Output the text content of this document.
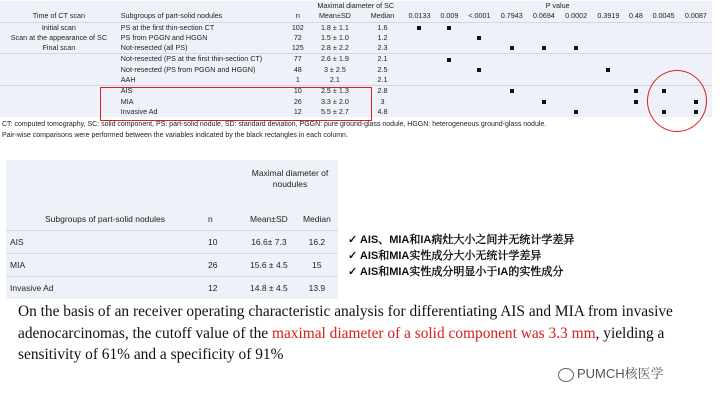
			Maximal diameter of SC		P value									
Time of CT scan	Subgroups of part-solid nodules	n	Mean±SD	Median	0.0133	0.009	<.0001	0.7943	0.0694	0.0002	0.3919	0.48	0.0045	0.0087
Initial scan	PS at the first thin-section CT	102	1.8 ± 1.1	1.6										
Scan at the appearance of SC	PS from PGGN and HGGN	72	1.5 ± 1.0	1.2										
Final scan	Not-resected (all PS)	125	2.8 ± 2.2	2.3										
	Not-resected (PS at the first thin-section CT)	77	2.6 ± 1.9	2.1										
	Not-resected (PS from PGGN and HGGN)	48	3 ± 2.5	2.5										
	AAH	1	2.1	2.1										
	AIS	10	2.5 ± 1.3	2.8										
	MIA	26	3.3 ± 2.0	3										
	Invasive Ad	12	5.5 ± 2.7	4.8										
CT: computed tomography, SC: solid component, PS: part-solid nodule, SD: standard deviation, PGGN: pure ground-glass nodule, HGGN: heterogeneous ground-glass nodule.
Pair-wise comparisons were performed between the variables indicated by the black rectangles in each column.
		Maximal diameter of
noudules	
Subgroups of part-solid nodules	n	Mean±SD	Median
AIS	10	16.6± 7.3	16.2
MIA	26	15.6 ± 4.5	15
Invasive Ad	12	14.8 ± 4.5	13.9
✓ AIS、MIA和IA病灶大小之间并无统计学差异
✓ AIS和MIA实性成分大小无统计学差异
✓ AIS和MIA实性成分明显小于IA的实性成分
On the basis of an receiver operating characteristic analysis for differentiating AIS and MIA from invasive adenocarcinomas, the cutoff value of the maximal diameter of a solid component was 3.3 mm, yielding a sensitivity of 61% and a specificity of 91%
PUMCH核医学
